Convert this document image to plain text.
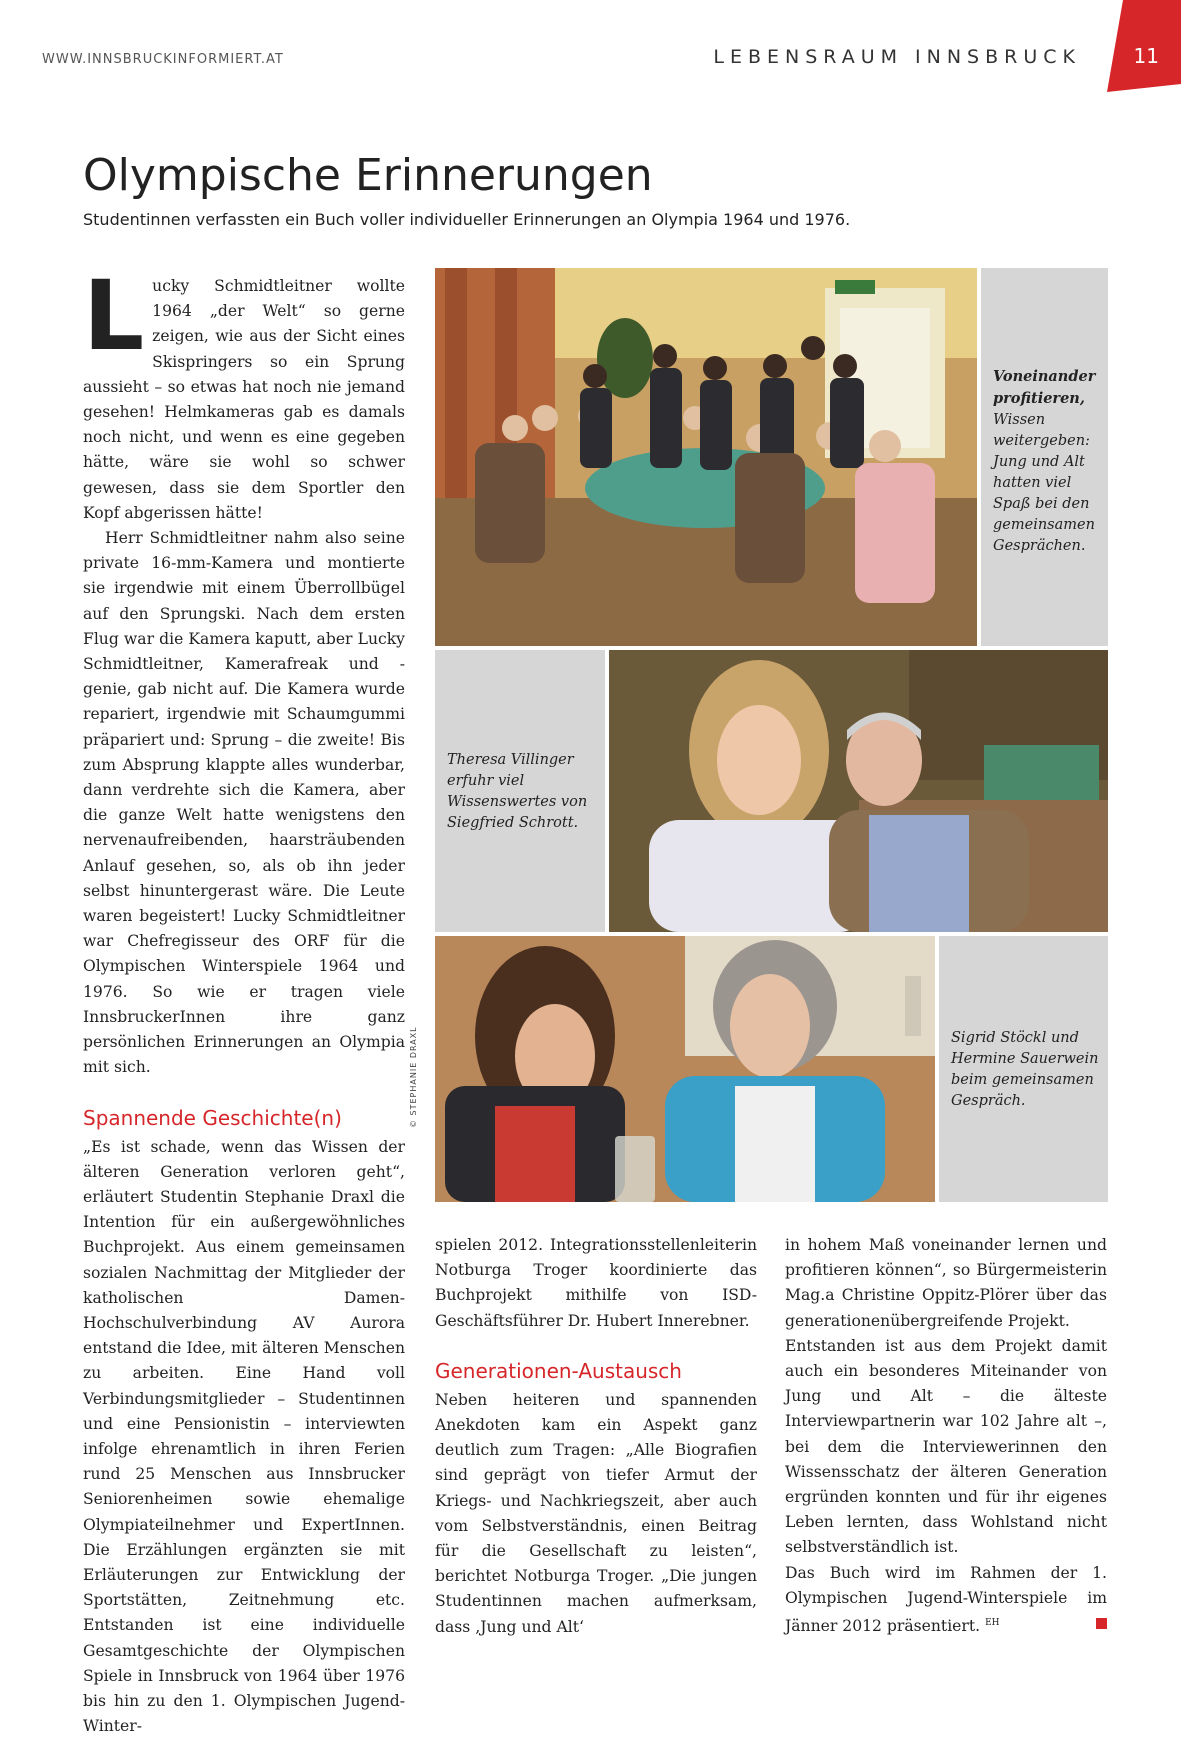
WWW.INNSBRUCKINFORMIERT.AT	LEBENSRAUM INNSBRUCK	11
Olympische Erinnerungen

Studentinnen verfassten ein Buch voller individueller Erinnerungen an Olympia 1964 und 1976.

Lucky Schmidtleitner wollte 1964 „der Welt“ so gerne zeigen, wie aus der Sicht eines Skispringers so ein Sprung aussieht – so etwas hat noch nie jemand gesehen! Helmkameras gab es damals noch nicht, und wenn es eine gegeben hätte, wäre sie wohl so schwer gewesen, dass sie dem Sportler den Kopf abgerissen hätte!

Herr Schmidtleitner nahm also seine private 16-mm-Kamera und montierte sie irgendwie mit einem Überrollbügel auf den Sprungski. Nach dem ersten Flug war die Kamera kaputt, aber Lucky Schmidtleitner, Kamerafreak und -genie, gab nicht auf. Die Kamera wurde repariert, irgendwie mit Schaumgummi präpariert und: Sprung – die zweite! Bis zum Absprung klappte alles wunderbar, dann verdrehte sich die Kamera, aber die ganze Welt hatte wenigstens den nervenaufreibenden, haarsträubenden Anlauf gesehen, so, als ob ihn jeder selbst hinuntergerast wäre. Die Leute waren begeistert! Lucky Schmidtleitner war Chefregisseur des ORF für die Olympischen Winterspiele 1964 und 1976. So wie er tragen viele InnsbruckerInnen ihre ganz persönlichen Erinnerungen an Olympia mit sich.

Spannende Geschichte(n)

„Es ist schade, wenn das Wissen der älteren Generation verloren geht“, erläutert Studentin Stephanie Draxl die Intention für ein außergewöhnliches Buchprojekt. Aus einem gemeinsamen sozialen Nachmittag der Mitglieder der katholischen Damen-Hochschulverbindung AV Aurora entstand die Idee, mit älteren Menschen zu arbeiten. Eine Hand voll Verbindungsmitglieder – Studentinnen und eine Pensionistin – interviewten infolge ehrenamtlich in ihren Ferien rund 25 Menschen aus Innsbrucker Seniorenheimen sowie ehemalige Olympiateilnehmer und ExpertInnen. Die Erzählungen ergänzten sie mit Erläuterungen zur Entwicklung der Sportstätten, Zeitnehmung etc. Entstanden ist eine individuelle Gesamtgeschichte der Olympischen Spiele in Innsbruck von 1964 über 1976 bis hin zu den 1. Olympischen Jugend-Winter-

spielen 2012. Integrationsstellenleiterin Notburga Troger koordinierte das Buchprojekt mithilfe von ISD-Geschäftsführer Dr. Hubert Innerebner.

Generationen-Austausch

Neben heiteren und spannenden Anekdoten kam ein Aspekt ganz deutlich zum Tragen: „Alle Biografien sind geprägt von tiefer Armut der Kriegs- und Nachkriegszeit, aber auch vom Selbstverständnis, einen Beitrag für die Gesellschaft zu leisten“, berichtet Notburga Troger. „Die jungen Studentinnen machen aufmerksam, dass ‚Jung und Alt‘

in hohem Maß voneinander lernen und profitieren können“, so Bürgermeisterin Mag.a Christine Oppitz-Plörer über das generationenübergreifende Projekt.

Entstanden ist aus dem Projekt damit auch ein besonderes Miteinander von Jung und Alt – die älteste Interviewpartnerin war 102 Jahre alt –, bei dem die Interviewerinnen den Wissensschatz der älteren Generation ergründen konnten und für ihr eigenes Leben lernten, dass Wohlstand nicht selbstverständlich ist.

Das Buch wird im Rahmen der 1. Olympischen Jugend-Winterspiele im Jänner 2012 präsentiert. $^{EH}$

Voneinander profitieren, Wissen weitergeben: Jung und Alt hatten viel Spaß bei den gemeinsamen Gesprächen.
Theresa Villinger erfuhr viel Wissenswertes von Siegfried Schrott.
Sigrid Stöckl und Hermine Sauerwein beim gemeinsamen Gespräch.
© STEPHANIE DRAXL
